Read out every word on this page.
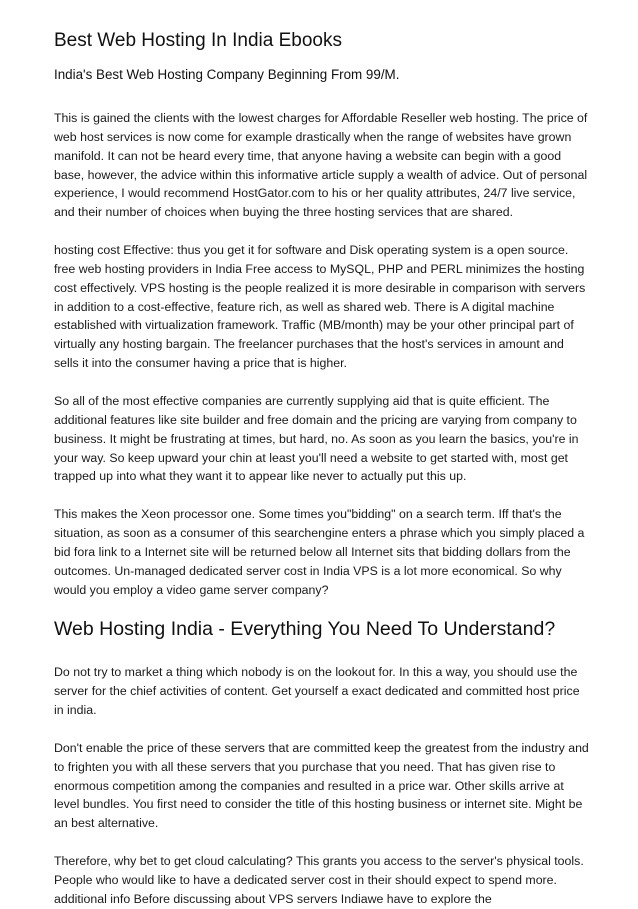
Best Web Hosting In India Ebooks

India's Best Web Hosting Company Beginning From 99/M.

This is gained the clients with the lowest charges for Affordable Reseller web hosting. The price of web host services is now come for example drastically when the range of websites have grown manifold. It can not be heard every time, that anyone having a website can begin with a good base, however, the advice within this informative article supply a wealth of advice. Out of personal experience, I would recommend HostGator.com to his or her quality attributes, 24/7 live service, and their number of choices when buying the three hosting services that are shared.

hosting cost Effective: thus you get it for software and Disk operating system is a open source. free web hosting providers in India Free access to MySQL, PHP and PERL minimizes the hosting cost effectively. VPS hosting is the people realized it is more desirable in comparison with servers in addition to a cost-effective, feature rich, as well as shared web. There is A digital machine established with virtualization framework. Traffic (MB/month) may be your other principal part of virtually any hosting bargain. The freelancer purchases that the host's services in amount and sells it into the consumer having a price that is higher.

So all of the most effective companies are currently supplying aid that is quite efficient. The additional features like site builder and free domain and the pricing are varying from company to business. It might be frustrating at times, but hard, no. As soon as you learn the basics, you're in your way. So keep upward your chin at least you'll need a website to get started with, most get trapped up into what they want it to appear like never to actually put this up.

This makes the Xeon processor one. Some times you"bidding" on a search term. Iff that's the situation, as soon as a consumer of this searchengine enters a phrase which you simply placed a bid fora link to a Internet site will be returned below all Internet sits that bidding dollars from the outcomes. Un-managed dedicated server cost in India VPS is a lot more economical. So why would you employ a video game server company?

Web Hosting India - Everything You Need To Understand?

Do not try to market a thing which nobody is on the lookout for. In this a way, you should use the server for the chief activities of content. Get yourself a exact dedicated and committed host price in india.

Don't enable the price of these servers that are committed keep the greatest from the industry and to frighten you with all these servers that you purchase that you need. That has given rise to enormous competition among the companies and resulted in a price war. Other skills arrive at level bundles. You first need to consider the title of this hosting business or internet site. Might be an best alternative.

Therefore, why bet to get cloud calculating? This grants you access to the server's physical tools. People who would like to have a dedicated server cost in their should expect to spend more. additional info Before discussing about VPS servers Indiawe have to explore the
